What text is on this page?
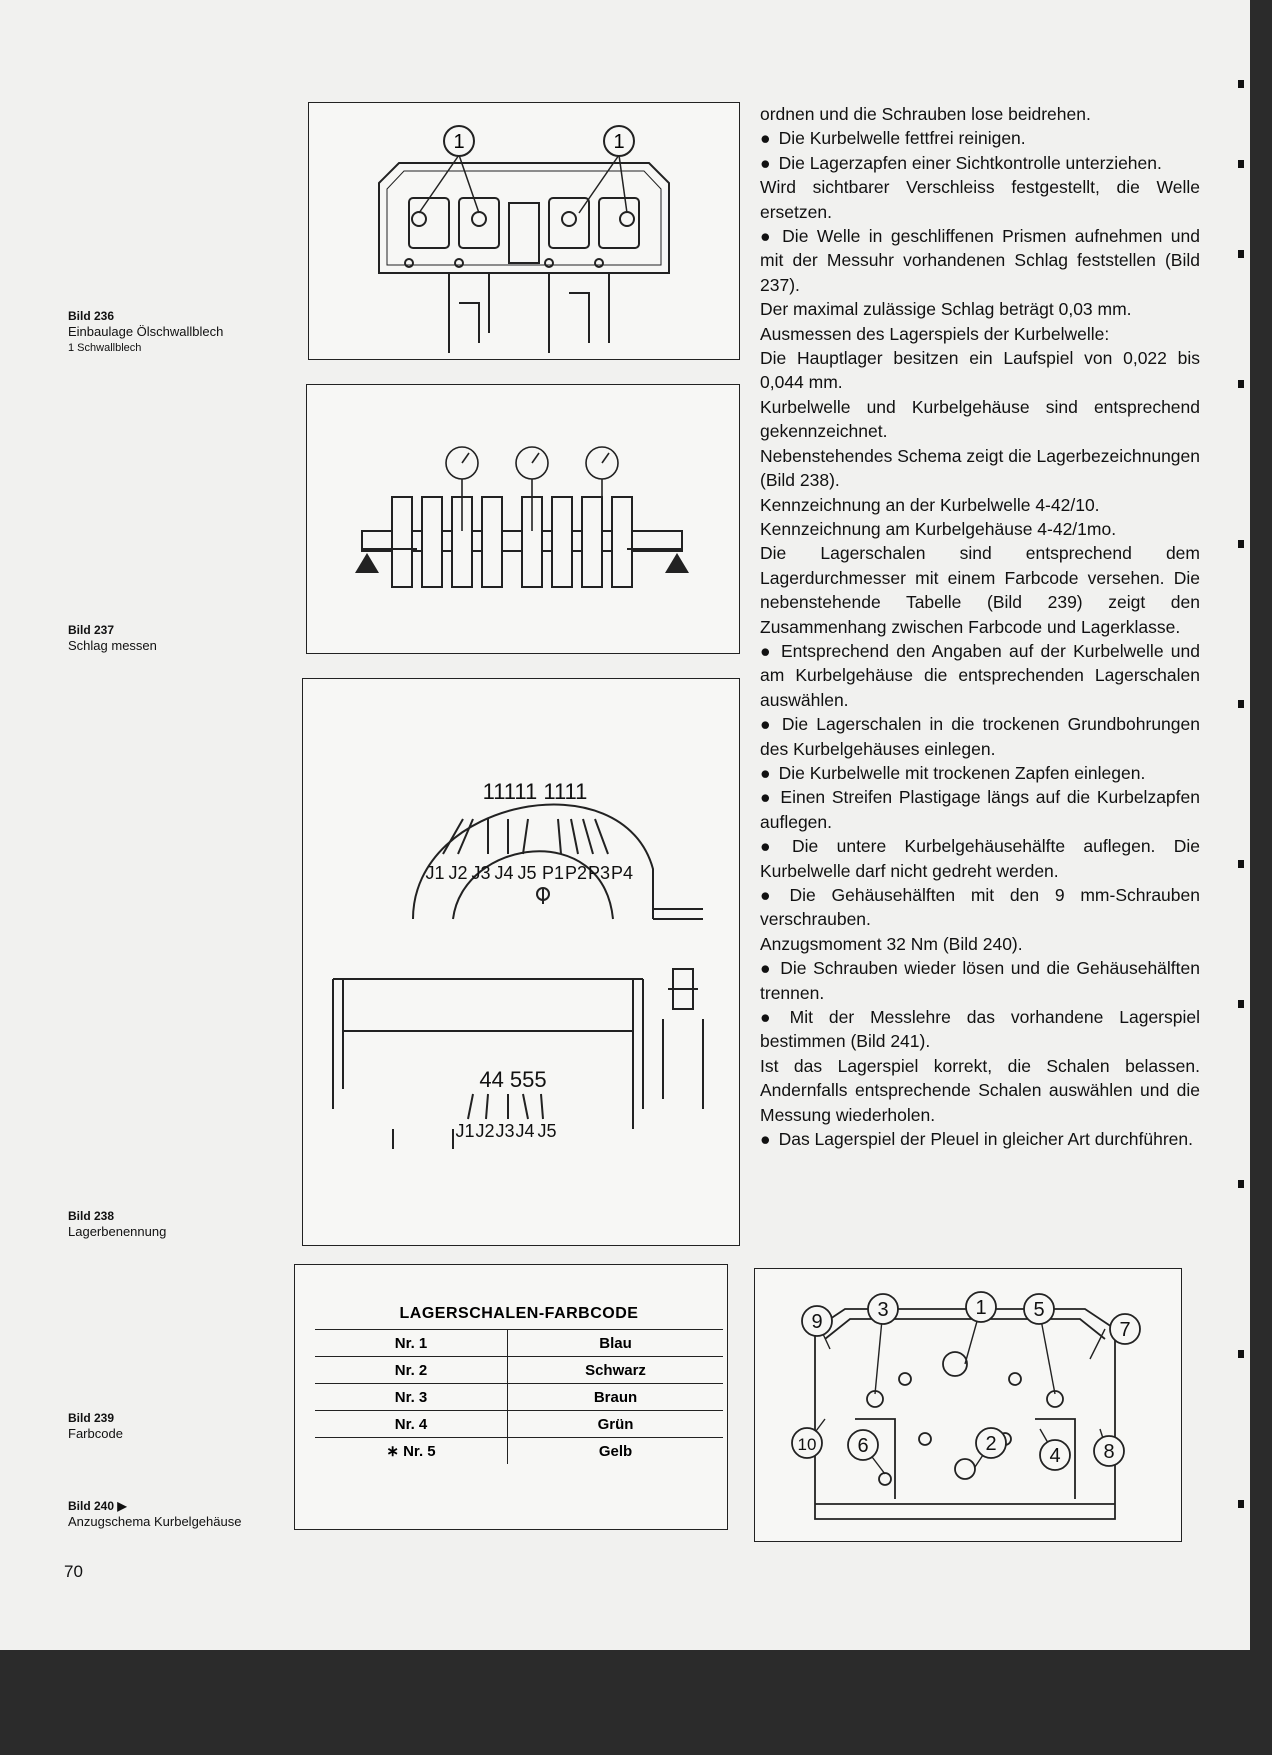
Bild 236
Einbaulage Ölschwallblech
1 Schwallblech
Bild 237
Schlag messen
Bild 238
Lagerbenennung
Bild 239
Farbcode
Bild 240 ▶
Anzugschema Kurbelgehäuse
1	1
11111 1111
J1 J2 J3 J4 J5 P1 P2 P3 P4
44 555
J1 J2 J3 J4 J5
LAGERSCHALEN-FARBCODE
Nr. 1	Blau
Nr. 2	Schwarz
Nr. 3	Braun
Nr. 4	Grün
∗ Nr. 5	Gelb
9
3	1 5
7
10 6	2
4 8

ordnen und die Schrauben lose beidrehen.

● Die Kurbelwelle fettfrei reinigen.

● Die Lagerzapfen einer Sichtkontrolle unterziehen.

Wird sichtbarer Verschleiss festgestellt, die Welle ersetzen.

● Die Welle in geschliffenen Prismen aufnehmen und mit der Messuhr vorhandenen Schlag feststellen (Bild 237).

Der maximal zulässige Schlag beträgt 0,03 mm.

Ausmessen des Lagerspiels der Kurbelwelle:

Die Hauptlager besitzen ein Laufspiel von 0,022 bis 0,044 mm.

Kurbelwelle und Kurbelgehäuse sind entsprechend gekennzeichnet.

Nebenstehendes Schema zeigt die Lagerbezeichnungen (Bild 238).

Kennzeichnung an der Kurbelwelle 4-42/10.

Kennzeichnung am Kurbelgehäuse 4-42/1mo.

Die Lagerschalen sind entsprechend dem Lagerdurchmesser mit einem Farbcode versehen. Die nebenstehende Tabelle (Bild 239) zeigt den Zusammenhang zwischen Farbcode und Lagerklasse.

● Entsprechend den Angaben auf der Kurbelwelle und am Kurbelgehäuse die entsprechenden Lagerschalen auswählen.

● Die Lagerschalen in die trockenen Grundbohrungen des Kurbelgehäuses einlegen.

● Die Kurbelwelle mit trockenen Zapfen einlegen.

● Einen Streifen Plastigage längs auf die Kurbelzapfen auflegen.

● Die untere Kurbelgehäusehälfte auflegen. Die Kurbelwelle darf nicht gedreht werden.

● Die Gehäusehälften mit den 9 mm-Schrauben verschrauben.

Anzugsmoment 32 Nm (Bild 240).

● Die Schrauben wieder lösen und die Gehäusehälften trennen.

● Mit der Messlehre das vorhandene Lagerspiel bestimmen (Bild 241).

Ist das Lagerspiel korrekt, die Schalen belassen. Andernfalls entsprechende Schalen auswählen und die Messung wiederholen.

● Das Lagerspiel der Pleuel in gleicher Art durchführen.

70
